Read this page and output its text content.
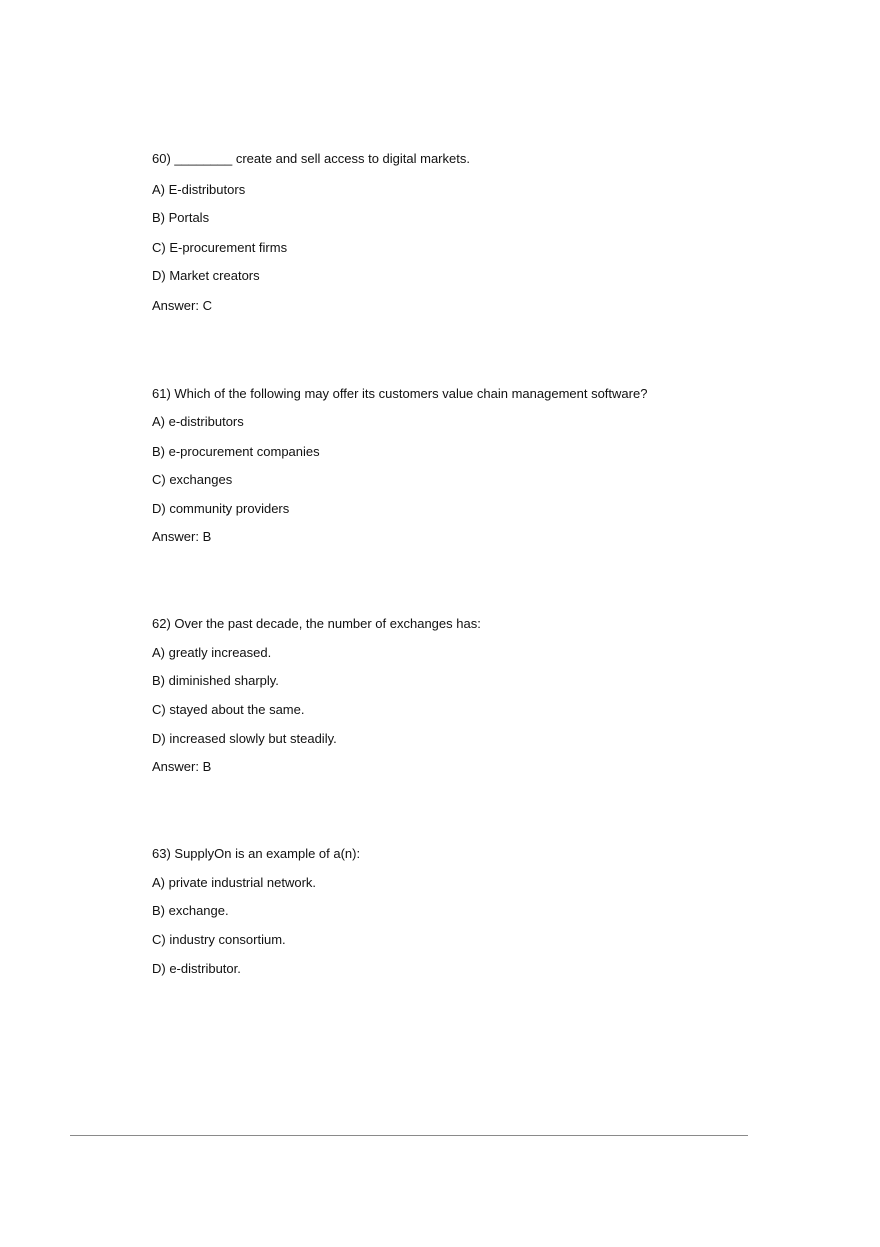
60) ________ create and sell access to digital markets.
A) E-distributors
B) Portals
C) E-procurement firms
D) Market creators
Answer: C
61) Which of the following may offer its customers value chain management software?
A) e-distributors
B) e-procurement companies
C) exchanges
D) community providers
Answer: B
62) Over the past decade, the number of exchanges has:
A) greatly increased.
B) diminished sharply.
C) stayed about the same.
D) increased slowly but steadily.
Answer: B
63) SupplyOn is an example of a(n):
A) private industrial network.
B) exchange.
C) industry consortium.
D) e-distributor.
